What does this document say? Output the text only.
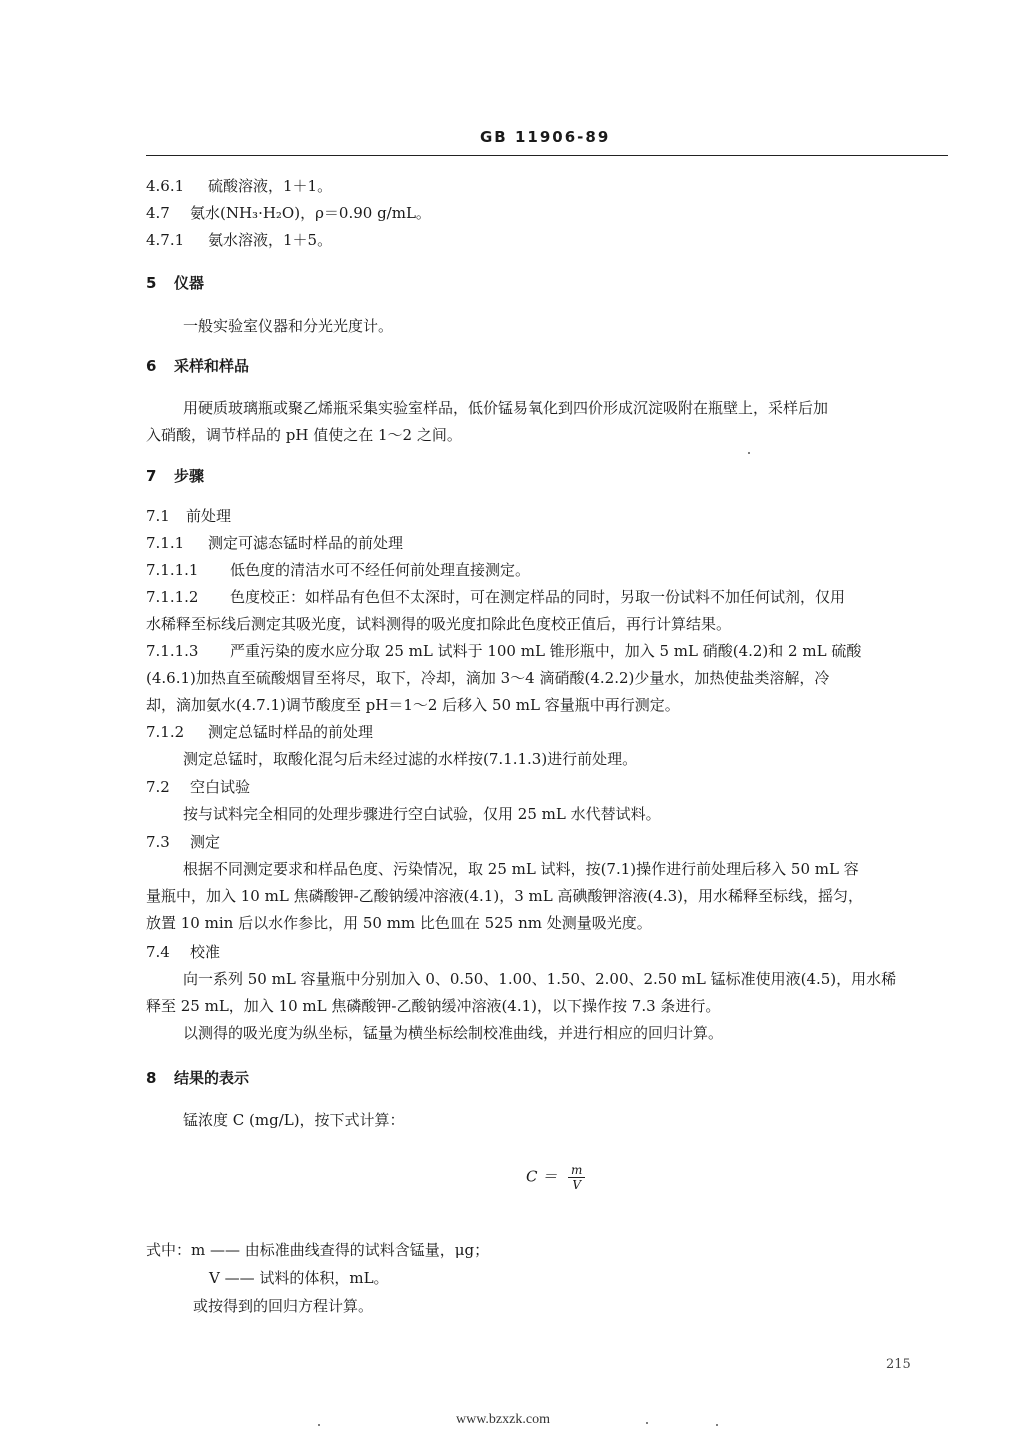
GB 11906-89
4.6.1 硫酸溶液，1＋1。
4.7 氨水(NH₃·H₂O)，ρ＝0.90 g/mL。
4.7.1 氨水溶液，1＋5。
5 仪器
一般实验室仪器和分光光度计。
6 采样和样品
用硬质玻璃瓶或聚乙烯瓶采集实验室样品，低价锰易氧化到四价形成沉淀吸附在瓶壁上，采样后加
入硝酸，调节样品的 pH 值使之在 1～2 之间。
7 步骤
7.1 前处理
7.1.1 测定可滤态锰时样品的前处理
7.1.1.1 低色度的清洁水可不经任何前处理直接测定。
7.1.1.2 色度校正：如样品有色但不太深时，可在测定样品的同时，另取一份试料不加任何试剂，仅用
水稀释至标线后测定其吸光度，试料测得的吸光度扣除此色度校正值后，再行计算结果。
7.1.1.3 严重污染的废水应分取 25 mL 试料于 100 mL 锥形瓶中，加入 5 mL 硝酸(4.2)和 2 mL 硫酸
(4.6.1)加热直至硫酸烟冒至将尽，取下，冷却，滴加 3～4 滴硝酸(4.2.2)少量水，加热使盐类溶解，冷
却，滴加氨水(4.7.1)调节酸度至 pH＝1～2 后移入 50 mL 容量瓶中再行测定。
7.1.2 测定总锰时样品的前处理
测定总锰时，取酸化混匀后未经过滤的水样按(7.1.1.3)进行前处理。
7.2 空白试验
按与试料完全相同的处理步骤进行空白试验，仅用 25 mL 水代替试料。
7.3 测定
根据不同测定要求和样品色度、污染情况，取 25 mL 试料，按(7.1)操作进行前处理后移入 50 mL 容
量瓶中，加入 10 mL 焦磷酸钾-乙酸钠缓冲溶液(4.1)，3 mL 高碘酸钾溶液(4.3)，用水稀释至标线，摇匀，
放置 10 min 后以水作参比，用 50 mm 比色皿在 525 nm 处测量吸光度。
7.4 校准
向一系列 50 mL 容量瓶中分别加入 0、0.50、1.00、1.50、2.00、2.50 mL 锰标准使用液(4.5)，用水稀
释至 25 mL，加入 10 mL 焦磷酸钾-乙酸钠缓冲溶液(4.1)，以下操作按 7.3 条进行。
以测得的吸光度为纵坐标，锰量为横坐标绘制校准曲线，并进行相应的回归计算。
8 结果的表示
锰浓度 C (mg/L)，按下式计算：
$C = \frac{m}{V}$
式中：m —— 由标准曲线查得的试料含锰量，μg；
V —— 试料的体积，mL。
或按得到的回归方程计算。
215
www.bzxzk.com
